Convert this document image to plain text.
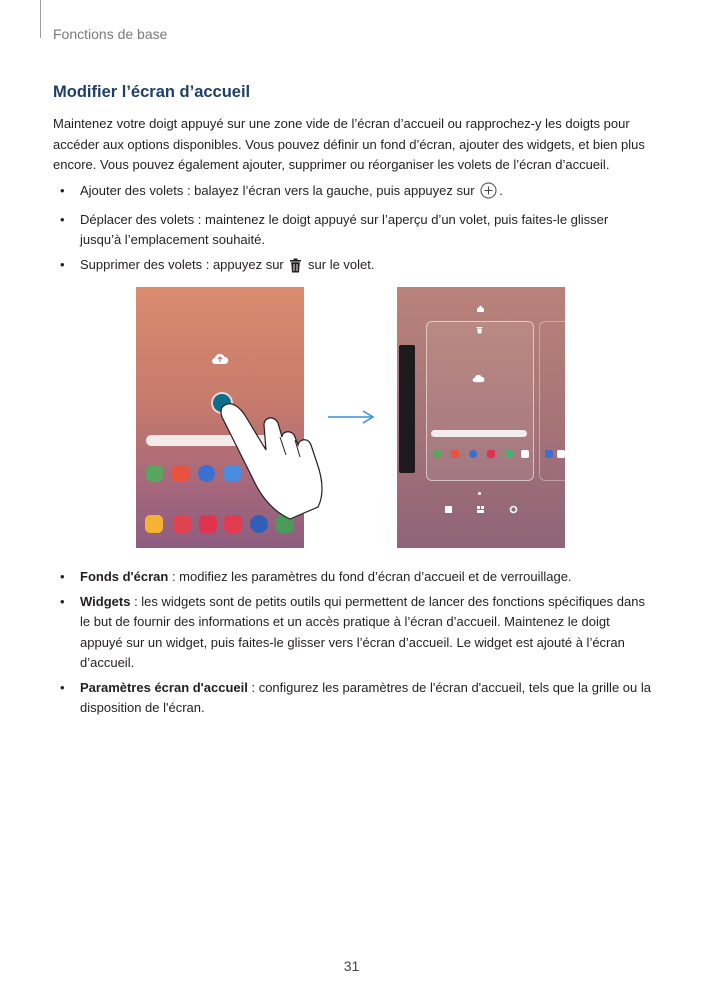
Fonctions de base
Modifier l’écran d’accueil

Maintenez votre doigt appuyé sur une zone vide de l’écran d’accueil ou rapprochez-y les doigts pour accéder aux options disponibles. Vous pouvez définir un fond d’écran, ajouter des widgets, et bien plus encore. Vous pouvez également ajouter, supprimer ou réorganiser les volets de l’écran d’accueil.

• Ajouter des volets : balayez l’écran vers la gauche, puis appuyez sur .
• Déplacer des volets : maintenez le doigt appuyé sur l’aperçu d’un volet, puis faites-le glisser jusqu’à l’emplacement souhaité.
• Supprimer des volets : appuyez sur sur le volet.
• Fonds d'écran : modifiez les paramètres du fond d’écran d’accueil et de verrouillage.
• Widgets : les widgets sont de petits outils qui permettent de lancer des fonctions spécifiques dans le but de fournir des informations et un accès pratique à l’écran d’accueil. Maintenez le doigt appuyé sur un widget, puis faites-le glisser vers l’écran d’accueil. Le widget est ajouté à l’écran d’accueil.
• Paramètres écran d'accueil : configurez les paramètres de l'écran d'accueil, tels que la grille ou la disposition de l'écran.
31
